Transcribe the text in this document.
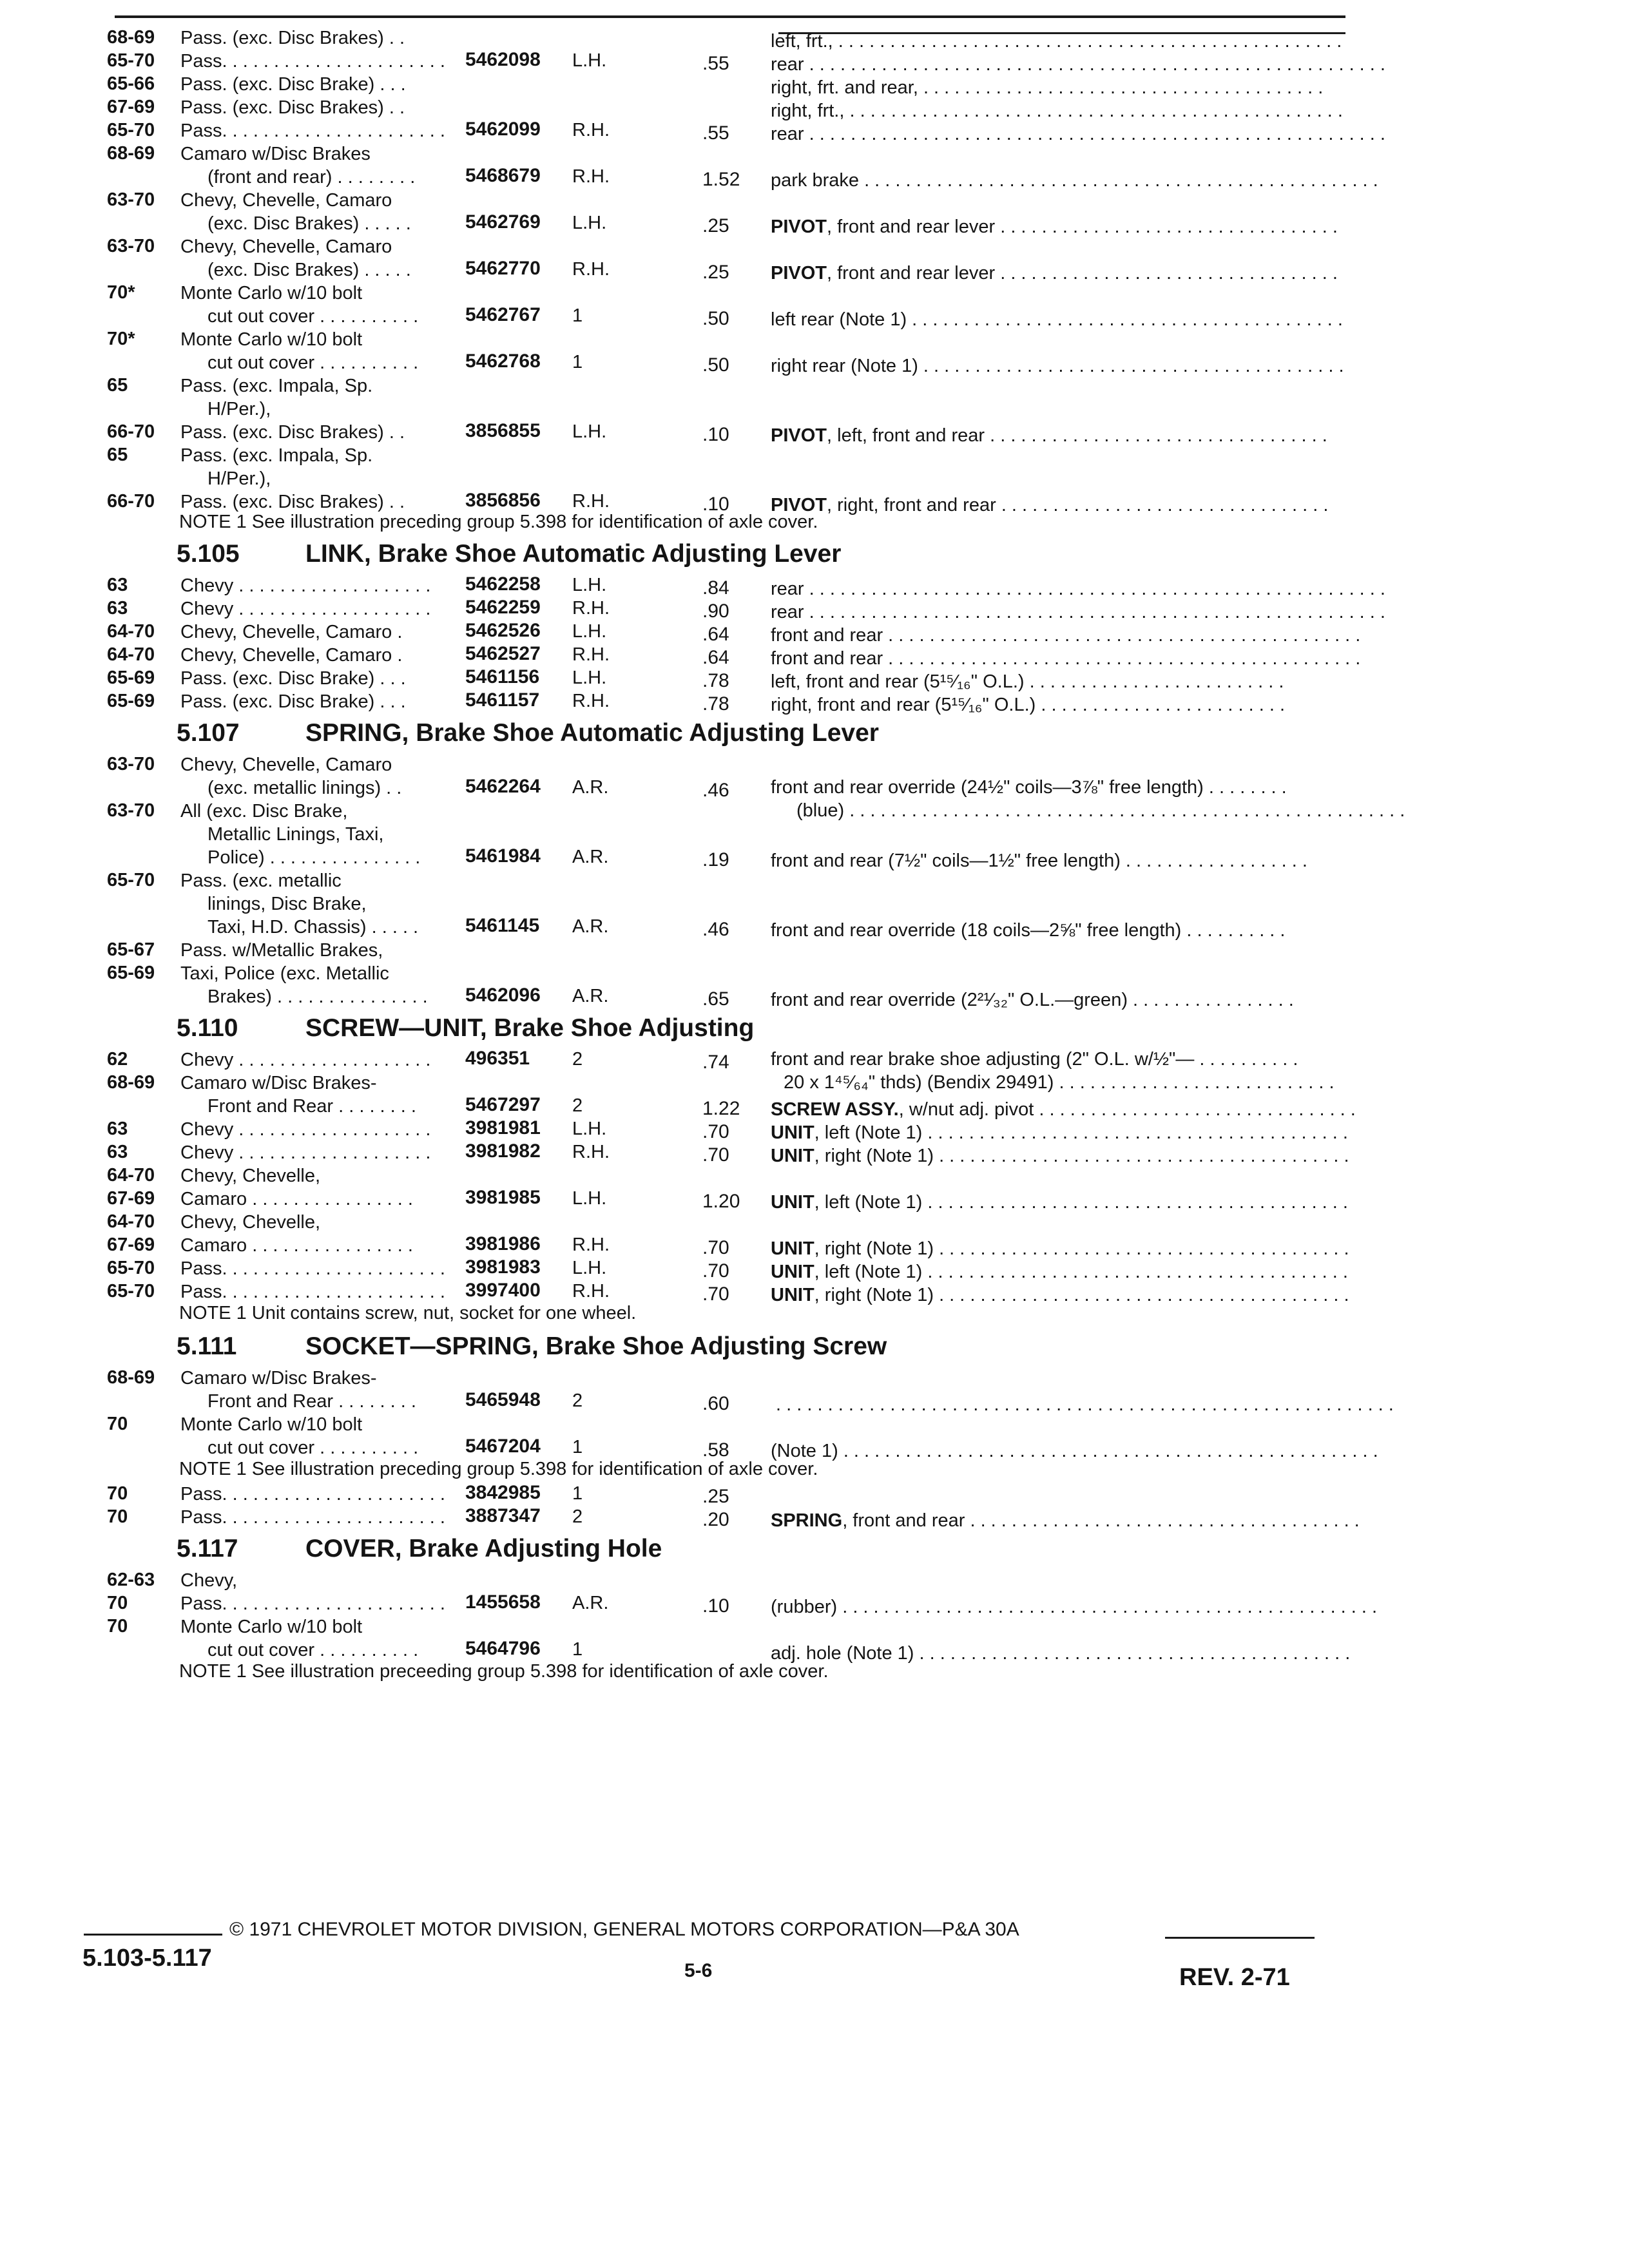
68-69 Pass. (exc. Disc Brakes) . .	left, frt., . . . . . . . . . . . . . . . . . . . . . . . . . . . . . . . . . . . . . . . . . . . . . . . . .
65-70 Pass. . . . . . . . . . . . . . . . . . . . . . 5462098 L.H.	.55 rear . . . . . . . . . . . . . . . . . . . . . . . . . . . . . . . . . . . . . . . . . . . . . . . . . . . . . . . .
65-66 Pass. (exc. Disc Brake) . . .	right, frt. and rear, . . . . . . . . . . . . . . . . . . . . . . . . . . . . . . . . . . . . . . .
67-69 Pass. (exc. Disc Brakes) . .	right, frt., . . . . . . . . . . . . . . . . . . . . . . . . . . . . . . . . . . . . . . . . . . . . . . . .
65-70 Pass. . . . . . . . . . . . . . . . . . . . . . 5462099 R.H.	.55 rear . . . . . . . . . . . . . . . . . . . . . . . . . . . . . . . . . . . . . . . . . . . . . . . . . . . . . . . .
68-69 Camaro w/Disc Brakes
(front and rear) . . . . . . . .	5468679 R.H.	1.52 park brake . . . . . . . . . . . . . . . . . . . . . . . . . . . . . . . . . . . . . . . . . . . . . . . . . .
63-70 Chevy, Chevelle, Camaro
(exc. Disc Brakes) . . . . .	5462769 L.H.	.25 PIVOT, front and rear lever . . . . . . . . . . . . . . . . . . . . . . . . . . . . . . . . .
63-70 Chevy, Chevelle, Camaro
(exc. Disc Brakes) . . . . .	5462770 R.H.	.25 PIVOT, front and rear lever . . . . . . . . . . . . . . . . . . . . . . . . . . . . . . . . .
70* Monte Carlo w/10 bolt
cut out cover . . . . . . . . . . 5462767 1	.50 left rear (Note 1) . . . . . . . . . . . . . . . . . . . . . . . . . . . . . . . . . . . . . . . . . .
70* Monte Carlo w/10 bolt
cut out cover . . . . . . . . . . 5462768 1	.50 right rear (Note 1) . . . . . . . . . . . . . . . . . . . . . . . . . . . . . . . . . . . . . . . . .
65	Pass. (exc. Impala, Sp.
H/Per.),
66-70 Pass. (exc. Disc Brakes) . .	3856855 L.H.	.10 PIVOT, left, front and rear . . . . . . . . . . . . . . . . . . . . . . . . . . . . . . . . .
65	Pass. (exc. Impala, Sp.
H/Per.),
66-70 Pass. (exc. Disc Brakes) . .	3856856 R.H.	.10 PIVOT, right, front and rear . . . . . . . . . . . . . . . . . . . . . . . . . . . . . . . .
NOTE 1 See illustration preceding group 5.398 for identification of axle cover.
5.105	LINK, Brake Shoe Automatic Adjusting Lever
63	Chevy . . . . . . . . . . . . . . . . . . . 5462258 L.H.	.84 rear . . . . . . . . . . . . . . . . . . . . . . . . . . . . . . . . . . . . . . . . . . . . . . . . . . . . . . . .
63	Chevy . . . . . . . . . . . . . . . . . . . 5462259 R.H.	.90 rear . . . . . . . . . . . . . . . . . . . . . . . . . . . . . . . . . . . . . . . . . . . . . . . . . . . . . . . .
64-70 Chevy, Chevelle, Camaro .	5462526 L.H.	.64 front and rear . . . . . . . . . . . . . . . . . . . . . . . . . . . . . . . . . . . . . . . . . . . . . .
64-70 Chevy, Chevelle, Camaro .	5462527 R.H.	.64 front and rear . . . . . . . . . . . . . . . . . . . . . . . . . . . . . . . . . . . . . . . . . . . . . .
65-69 Pass. (exc. Disc Brake) . . .	5461156 L.H.	.78 left, front and rear (5¹⁵⁄₁₆" O.L.) . . . . . . . . . . . . . . . . . . . . . . . . .
65-69 Pass. (exc. Disc Brake) . . .	5461157 R.H.	.78 right, front and rear (5¹⁵⁄₁₆" O.L.) . . . . . . . . . . . . . . . . . . . . . . . .
5.107	SPRING, Brake Shoe Automatic Adjusting Lever
63-70 Chevy, Chevelle, Camaro
(exc. metallic linings) . .	5462264 A.R.	.46 front and rear override (24½" coils—3⅞" free length) . . . . . . . .
(blue) . . . . . . . . . . . . . . . . . . . . . . . . . . . . . . . . . . . . . . . . . . . . . . . . . . . . . .
63-70 All (exc. Disc Brake,
Metallic Linings, Taxi,
Police) . . . . . . . . . . . . . . . 5461984 A.R.	.19 front and rear (7½" coils—1½" free length) . . . . . . . . . . . . . . . . . .
65-70 Pass. (exc. metallic
linings, Disc Brake,
Taxi, H.D. Chassis) . . . . . 5461145 A.R.	.46 front and rear override (18 coils—2⅝" free length) . . . . . . . . . .
65-67 Pass. w/Metallic Brakes,
65-69 Taxi, Police (exc. Metallic
Brakes) . . . . . . . . . . . . . . . 5462096 A.R.	.65 front and rear override (2²¹⁄₃₂" O.L.—green) . . . . . . . . . . . . . . . .
5.110	SCREW—UNIT, Brake Shoe Adjusting
62	Chevy . . . . . . . . . . . . . . . . . . . 496351 2	.74 front and rear brake shoe adjusting (2" O.L. w/½"— . . . . . . . . . .
20 x 1⁴⁵⁄₆₄" thds) (Bendix 29491) . . . . . . . . . . . . . . . . . . . . . . . . . . .
68-69 Camaro w/Disc Brakes-
Front and Rear . . . . . . . .	5467297 2	1.22 SCREW ASSY., w/nut adj. pivot . . . . . . . . . . . . . . . . . . . . . . . . . . . . . . .
63	Chevy . . . . . . . . . . . . . . . . . . . 3981981 L.H.	.70 UNIT, left (Note 1) . . . . . . . . . . . . . . . . . . . . . . . . . . . . . . . . . . . . . . . . .
63	Chevy . . . . . . . . . . . . . . . . . . . 3981982 R.H.	.70 UNIT, right (Note 1) . . . . . . . . . . . . . . . . . . . . . . . . . . . . . . . . . . . . . . . .
64-70 Chevy, Chevelle,
67-69 Camaro . . . . . . . . . . . . . . . .	3981985 L.H.	1.20 UNIT, left (Note 1) . . . . . . . . . . . . . . . . . . . . . . . . . . . . . . . . . . . . . . . . .
64-70 Chevy, Chevelle,
67-69 Camaro . . . . . . . . . . . . . . . .	3981986 R.H.	.70 UNIT, right (Note 1) . . . . . . . . . . . . . . . . . . . . . . . . . . . . . . . . . . . . . . . .
65-70 Pass. . . . . . . . . . . . . . . . . . . . . . 3981983 L.H.	.70 UNIT, left (Note 1) . . . . . . . . . . . . . . . . . . . . . . . . . . . . . . . . . . . . . . . . .
65-70 Pass. . . . . . . . . . . . . . . . . . . . . . 3997400 R.H.	.70 UNIT, right (Note 1) . . . . . . . . . . . . . . . . . . . . . . . . . . . . . . . . . . . . . . . .
NOTE 1 Unit contains screw, nut, socket for one wheel.
5.111	SOCKET—SPRING, Brake Shoe Adjusting Screw
68-69 Camaro w/Disc Brakes-
Front and Rear . . . . . . . .	5465948 2	.60 . . . . . . . . . . . . . . . . . . . . . . . . . . . . . . . . . . . . . . . . . . . . . . . . . . . . . . . . . . . .
70	Monte Carlo w/10 bolt
cut out cover . . . . . . . . . . 5467204 1	.58 (Note 1) . . . . . . . . . . . . . . . . . . . . . . . . . . . . . . . . . . . . . . . . . . . . . . . . . . . .
NOTE 1 See illustration preceding group 5.398 for identification of axle cover.
70	Pass. . . . . . . . . . . . . . . . . . . . . . 3842985 1	.25
70	Pass. . . . . . . . . . . . . . . . . . . . . . 3887347 2	.20 SPRING, front and rear . . . . . . . . . . . . . . . . . . . . . . . . . . . . . . . . . . . . . .
5.117	COVER, Brake Adjusting Hole
62-63 Chevy,
70	Pass. . . . . . . . . . . . . . . . . . . . . . 1455658 A.R.	.10 (rubber) . . . . . . . . . . . . . . . . . . . . . . . . . . . . . . . . . . . . . . . . . . . . . . . . . . . .
70	Monte Carlo w/10 bolt
cut out cover . . . . . . . . . . 5464796 1	adj. hole (Note 1) . . . . . . . . . . . . . . . . . . . . . . . . . . . . . . . . . . . . . . . . . .
NOTE 1 See illustration preceeding group 5.398 for identification of axle cover.
© 1971 CHEVROLET MOTOR DIVISION, GENERAL MOTORS CORPORATION—P&A 30A
5.103-5.117	5-6	REV. 2-71
